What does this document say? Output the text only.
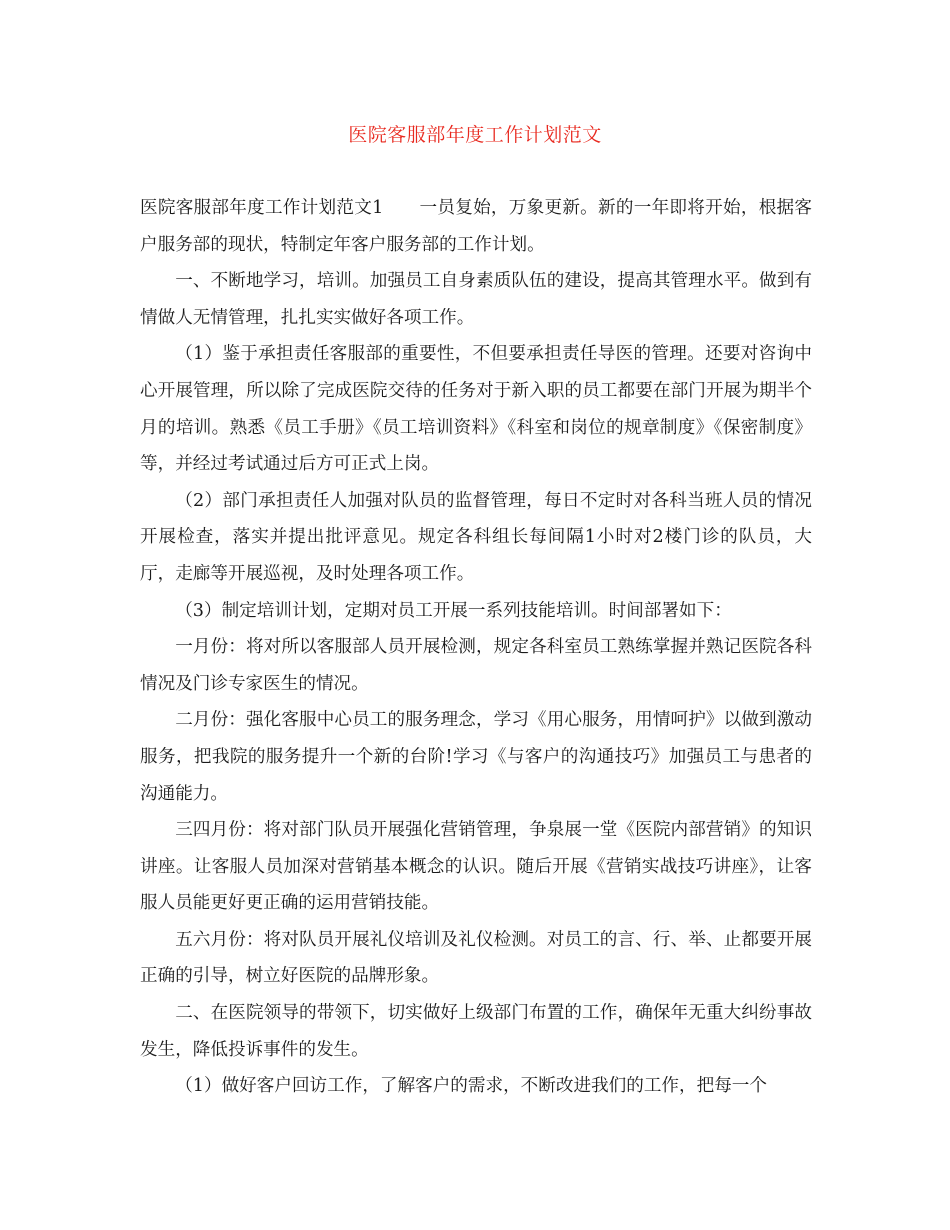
医院客服部年度工作计划范文

医院客服部年度工作计划范文1 一员复始，万象更新。新的一年即将开始，根据客户服务部的现状，特制定年客户服务部的工作计划。

一、不断地学习，培训。加强员工自身素质队伍的建设，提高其管理水平。做到有情做人无情管理，扎扎实实做好各项工作。

（1）鉴于承担责任客服部的重要性，不但要承担责任导医的管理。还要对咨询中心开展管理，所以除了完成医院交待的任务对于新入职的员工都要在部门开展为期半个月的培训。熟悉《员工手册》《员工培训资料》《科室和岗位的规章制度》《保密制度》等，并经过考试通过后方可正式上岗。

（2）部门承担责任人加强对队员的监督管理，每日不定时对各科当班人员的情况开展检查，落实并提出批评意见。规定各科组长每间隔1小时对2楼门诊的队员，大厅，走廊等开展巡视，及时处理各项工作。

（3）制定培训计划，定期对员工开展一系列技能培训。时间部署如下：

一月份：将对所以客服部人员开展检测，规定各科室员工熟练掌握并熟记医院各科情况及门诊专家医生的情况。

二月份：强化客服中心员工的服务理念，学习《用心服务，用情呵护》以做到激动服务，把我院的服务提升一个新的台阶!学习《与客户的沟通技巧》加强员工与患者的沟通能力。

三四月份：将对部门队员开展强化营销管理，争泉展一堂《医院内部营销》的知识讲座。让客服人员加深对营销基本概念的认识。随后开展《营销实战技巧讲座》，让客服人员能更好更正确的运用营销技能。

五六月份：将对队员开展礼仪培训及礼仪检测。对员工的言、行、举、止都要开展正确的引导，树立好医院的品牌形象。

二、在医院领导的带领下，切实做好上级部门布置的工作，确保年无重大纠纷事故发生，降低投诉事件的发生。

（1）做好客户回访工作，了解客户的需求，不断改进我们的工作，把每一个
